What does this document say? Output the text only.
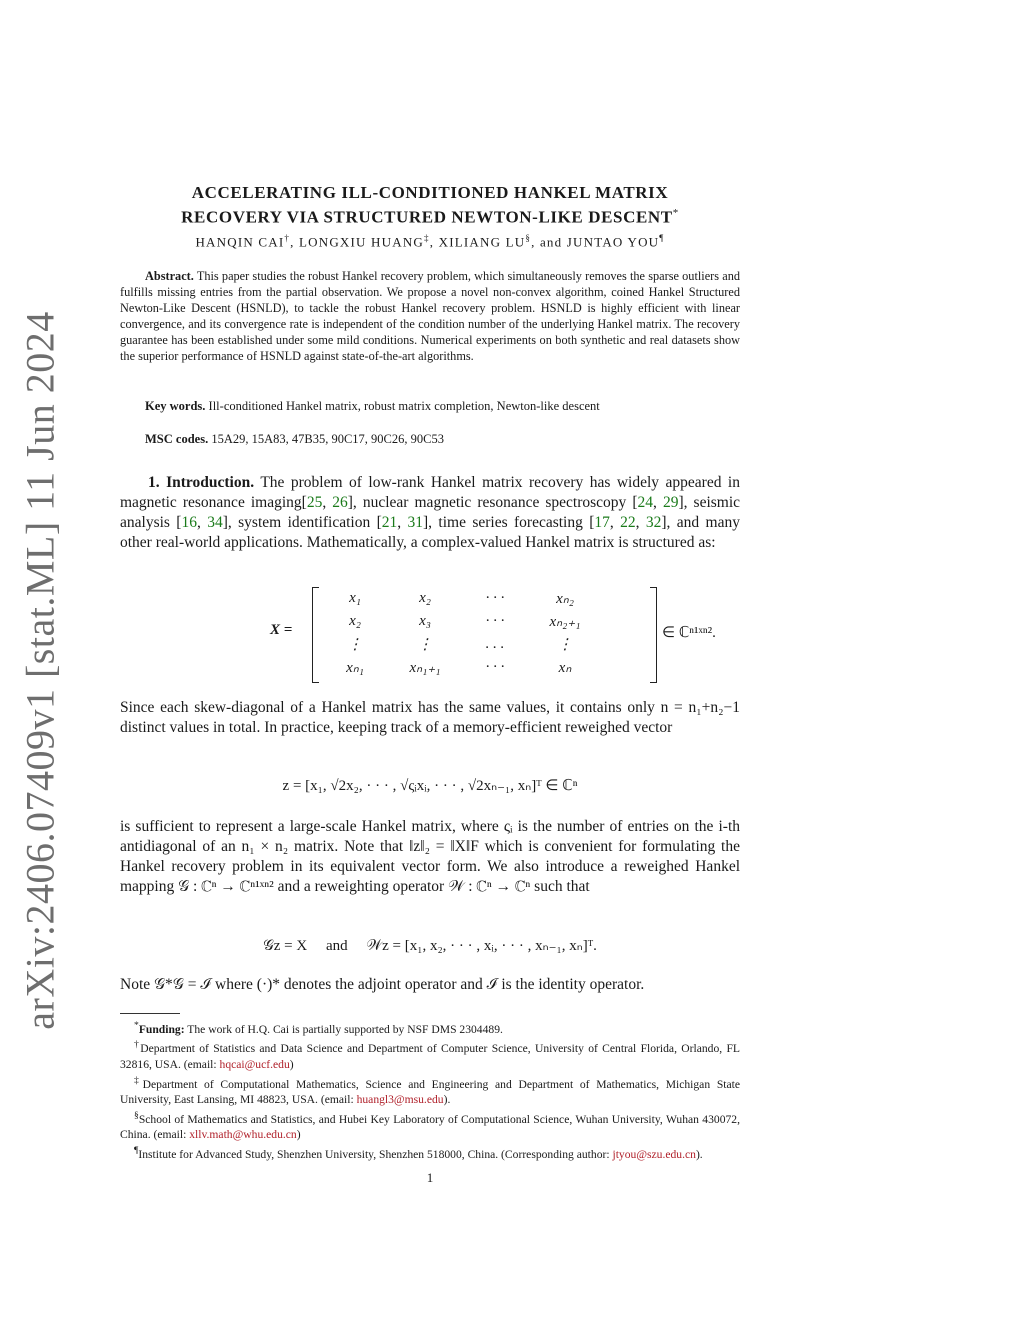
arXiv:2406.07409v1 [stat.ML] 11 Jun 2024
ACCELERATING ILL-CONDITIONED HANKEL MATRIX
RECOVERY VIA STRUCTURED NEWTON-LIKE DESCENT*
HANQIN CAI†, LONGXIU HUANG‡, XILIANG LU§, and JUNTAO YOU¶
Abstract. This paper studies the robust Hankel recovery problem, which simultaneously removes the sparse outliers and fulfills missing entries from the partial observation. We propose a novel non-convex algorithm, coined Hankel Structured Newton-Like Descent (HSNLD), to tackle the robust Hankel recovery problem. HSNLD is highly efficient with linear convergence, and its convergence rate is independent of the condition number of the underlying Hankel matrix. The recovery guarantee has been established under some mild conditions. Numerical experiments on both synthetic and real datasets show the superior performance of HSNLD against state-of-the-art algorithms.
Key words. Ill-conditioned Hankel matrix, robust matrix completion, Newton-like descent
MSC codes. 15A29, 15A83, 47B35, 90C17, 90C26, 90C53
1. Introduction. The problem of low-rank Hankel matrix recovery has widely appeared in magnetic resonance imaging[25, 26], nuclear magnetic resonance spectroscopy [24, 29], seismic analysis [16, 34], system identification [21, 31], time series forecasting [17, 22, 32], and many other real-world applications. Mathematically, a complex-valued Hankel matrix is structured as:
X =
x₁	x₂	· · ·	xₙ₂
x₂	x₃	· · ·	xₙ₂₊₁
⋮	⋮	. . .	⋮
xₙ₁	xₙ₁₊₁	· · ·	xₙ
∈ ℂⁿ¹ˣⁿ².
Since each skew-diagonal of a Hankel matrix has the same values, it contains only n = n₁+n₂−1 distinct values in total. In practice, keeping track of a memory-efficient reweighed vector
z = [x₁, √2x₂, · · · , √ςᵢxᵢ, · · · , √2xₙ₋₁, xₙ]ᵀ ∈ ℂⁿ
is sufficient to represent a large-scale Hankel matrix, where ςᵢ is the number of entries on the i-th antidiagonal of an n₁ × n₂ matrix. Note that ‖z‖₂ = ‖X‖F which is convenient for formulating the Hankel recovery problem in its equivalent vector form. We also introduce a reweighed Hankel mapping 𝒢 : ℂⁿ → ℂⁿ¹ˣⁿ² and a reweighting operator 𝒲 : ℂⁿ → ℂⁿ such that
𝒢z = X     and     𝒲z = [x₁, x₂, · · · , xᵢ, · · · , xₙ₋₁, xₙ]ᵀ.
Note 𝒢*𝒢 = ℐ where (·)* denotes the adjoint operator and ℐ is the identity operator.

*Funding: The work of H.Q. Cai is partially supported by NSF DMS 2304489.

†Department of Statistics and Data Science and Department of Computer Science, University of Central Florida, Orlando, FL 32816, USA. (email: hqcai@ucf.edu)

‡Department of Computational Mathematics, Science and Engineering and Department of Mathematics, Michigan State University, East Lansing, MI 48823, USA. (email: huangl3@msu.edu).

§School of Mathematics and Statistics, and Hubei Key Laboratory of Computational Science, Wuhan University, Wuhan 430072, China. (email: xllv.math@whu.edu.cn)

¶Institute for Advanced Study, Shenzhen University, Shenzhen 518000, China. (Corresponding author: jtyou@szu.edu.cn).

1
